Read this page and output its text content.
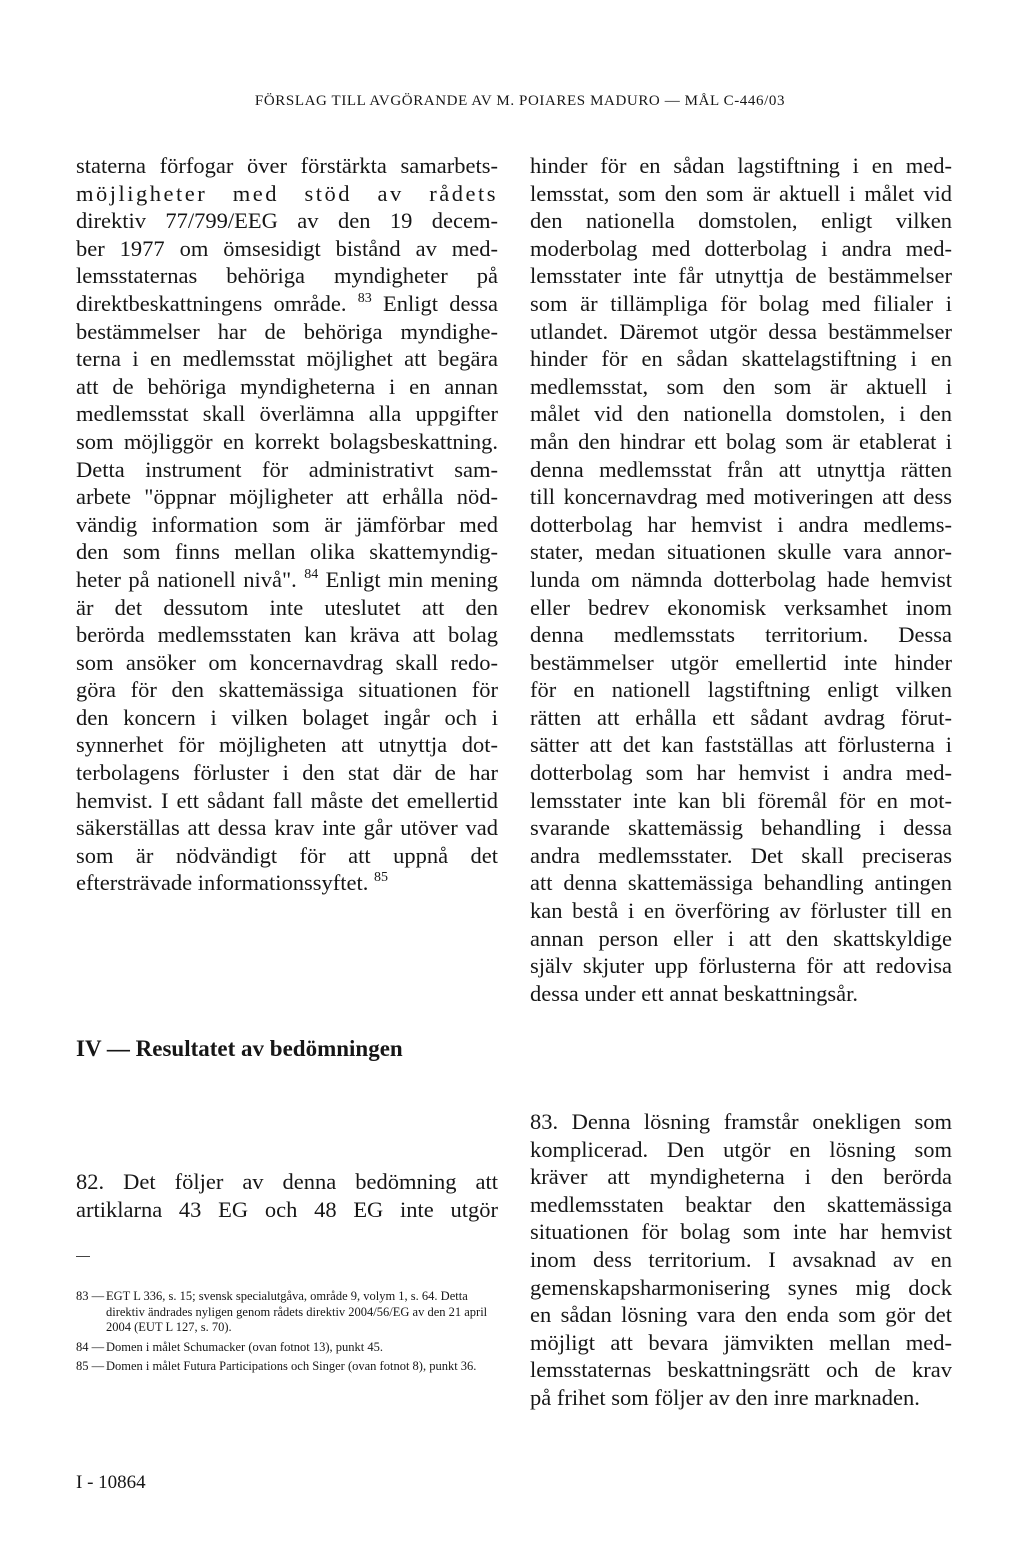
FÖRSLAG TILL AVGÖRANDE AV M. POIARES MADURO — MÅL C-446/03
staterna förfogar över förstärkta samarbets-
möjligheter med stöd av rådets
direktiv 77/799/EEG av den 19 decem-
ber 1977 om ömsesidigt bistånd av med-
lemsstaternas behöriga myndigheter på
direktbeskattningens område. $^{83}$ Enligt dessa
bestämmelser har de behöriga myndighe-
terna i en medlemsstat möjlighet att begära
att de behöriga myndigheterna i en annan
medlemsstat skall överlämna alla uppgifter
som möjliggör en korrekt bolagsbeskattning.
Detta instrument för administrativt sam-
arbete "öppnar möjligheter att erhålla nöd-
vändig information som är jämförbar med
den som finns mellan olika skattemyndig-
heter på nationell nivå". $^{84}$ Enligt min mening
är det dessutom inte uteslutet att den
berörda medlemsstaten kan kräva att bolag
som ansöker om koncernavdrag skall redo-
göra för den skattemässiga situationen för
den koncern i vilken bolaget ingår och i
synnerhet för möjligheten att utnyttja dot-
terbolagens förluster i den stat där de har
hemvist. I ett sådant fall måste det emellertid
säkerställas att dessa krav inte går utöver vad
som är nödvändigt för att uppnå det
eftersträvade informationssyftet. $^{85}$
hinder för en sådan lagstiftning i en med-
lemsstat, som den som är aktuell i målet vid
den nationella domstolen, enligt vilken
moderbolag med dotterbolag i andra med-
lemsstater inte får utnyttja de bestämmelser
som är tillämpliga för bolag med filialer i
utlandet. Däremot utgör dessa bestämmelser
hinder för en sådan skattelagstiftning i en
medlemsstat, som den som är aktuell i
målet vid den nationella domstolen, i den
mån den hindrar ett bolag som är etablerat i
denna medlemsstat från att utnyttja rätten
till koncernavdrag med motiveringen att dess
dotterbolag har hemvist i andra medlems-
stater, medan situationen skulle vara annor-
lunda om nämnda dotterbolag hade hemvist
eller bedrev ekonomisk verksamhet inom
denna medlemsstats territorium. Dessa
bestämmelser utgör emellertid inte hinder
för en nationell lagstiftning enligt vilken
rätten att erhålla ett sådant avdrag förut-
sätter att det kan fastställas att förlusterna i
dotterbolag som har hemvist i andra med-
lemsstater inte kan bli föremål för en mot-
svarande skattemässig behandling i dessa
andra medlemsstater. Det skall preciseras
att denna skattemässiga behandling antingen
kan bestå i en överföring av förluster till en
annan person eller i att den skattskyldige
själv skjuter upp förlusterna för att redovisa
dessa under ett annat beskattningsår.
IV — Resultatet av bedömningen
82. Det följer av denna bedömning att
artiklarna 43 EG och 48 EG inte utgör
83. Denna lösning framstår onekligen som
komplicerad. Den utgör en lösning som
kräver att myndigheterna i den berörda
medlemsstaten beaktar den skattemässiga
situationen för bolag som inte har hemvist
inom dess territorium. I avsaknad av en
gemenskapsharmonisering synes mig dock
en sådan lösning vara den enda som gör det
möjligt att bevara jämvikten mellan med-
lemsstaternas beskattningsrätt och de krav
på frihet som följer av den inre marknaden.
83 — EGT L 336, s. 15; svensk specialutgåva, område 9, volym 1, s. 64. Detta direktiv ändrades nyligen genom rådets direktiv 2004/56/EG av den 21 april 2004 (EUT L 127, s. 70).
84 — Domen i målet Schumacker (ovan fotnot 13), punkt 45.
85 — Domen i målet Futura Participations och Singer (ovan fotnot 8), punkt 36.
I - 10864
